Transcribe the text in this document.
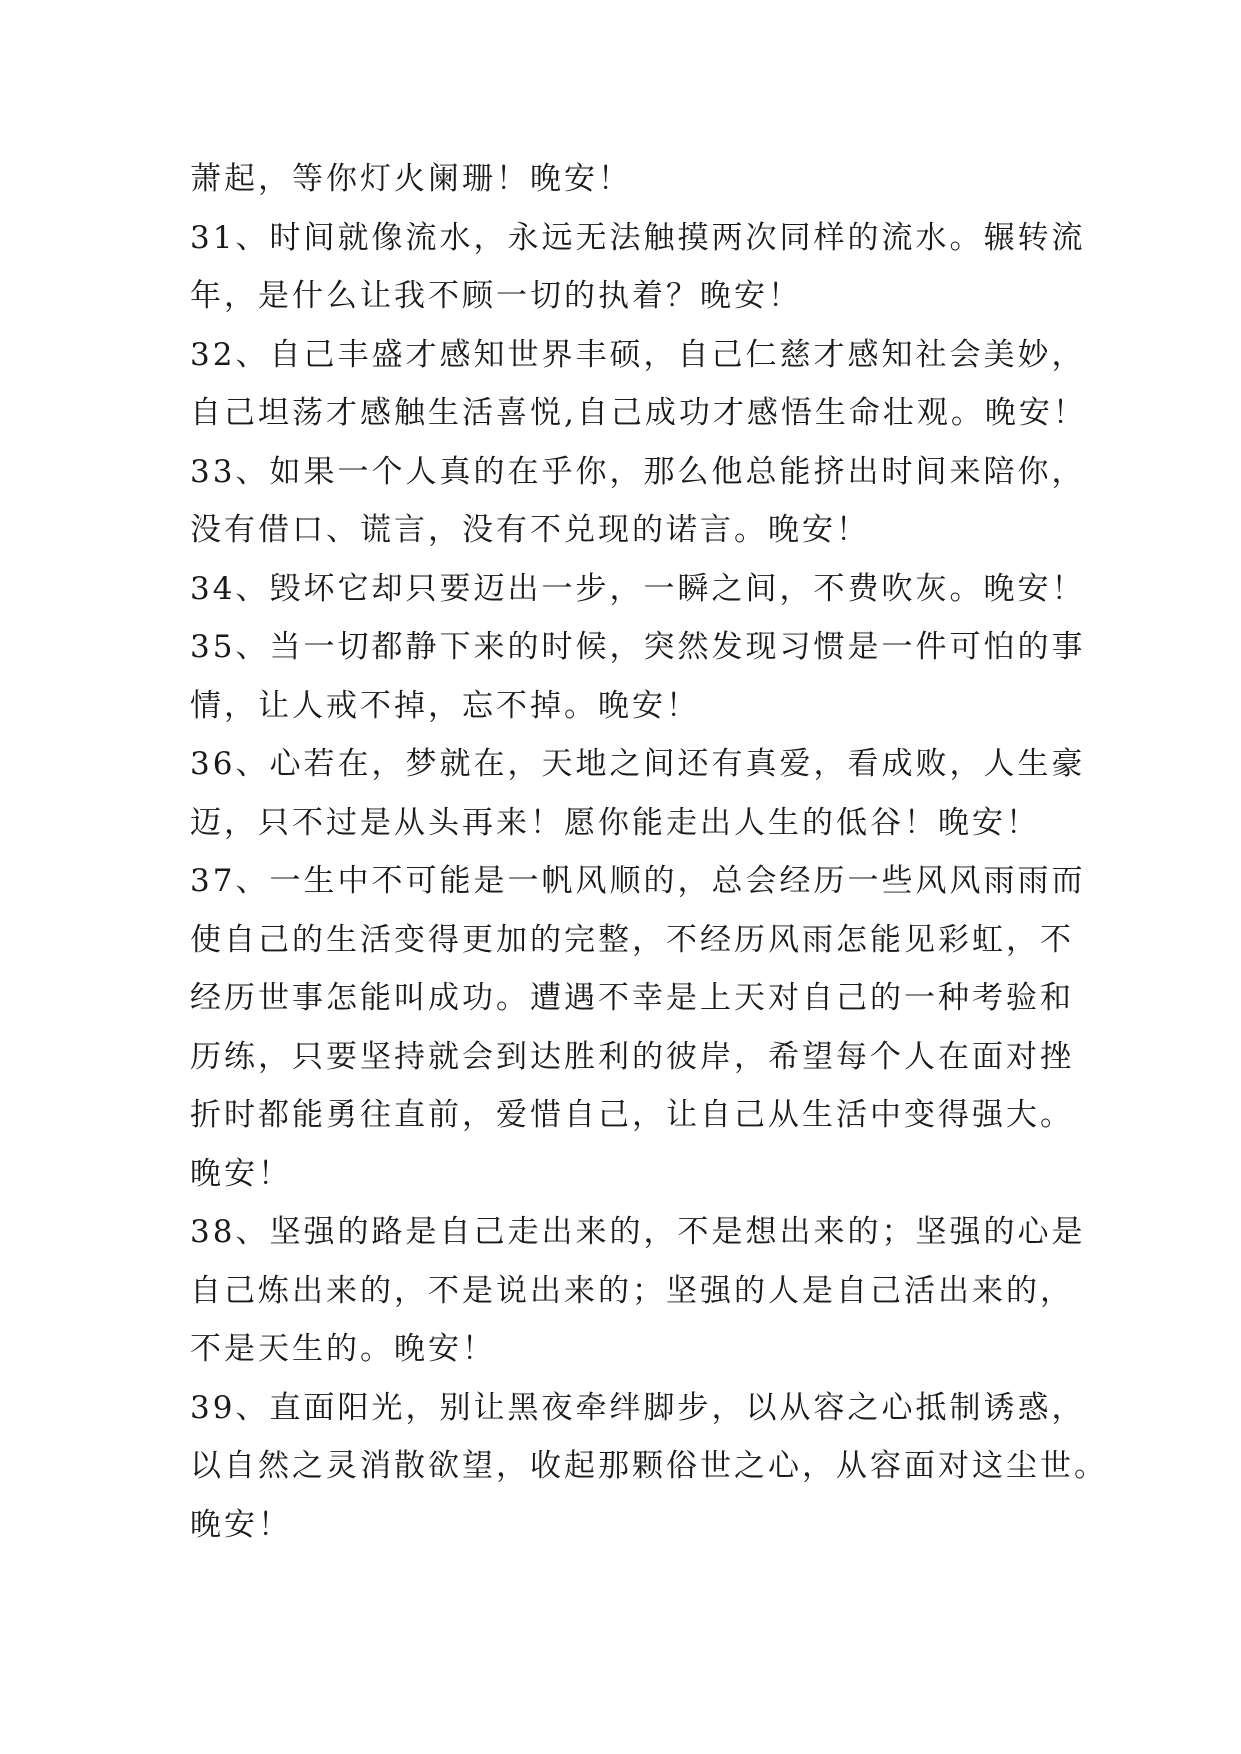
萧起，等你灯火阑珊！晚安！
31、时间就像流水，永远无法触摸两次同样的流水。辗转流
年，是什么让我不顾一切的执着？晚安！
32、自己丰盛才感知世界丰硕，自己仁慈才感知社会美妙，
自己坦荡才感触生活喜悦,自己成功才感悟生命壮观。晚安！
33、如果一个人真的在乎你，那么他总能挤出时间来陪你，
没有借口、谎言，没有不兑现的诺言。晚安！
34、毁坏它却只要迈出一步，一瞬之间，不费吹灰。晚安！
35、当一切都静下来的时候，突然发现习惯是一件可怕的事
情，让人戒不掉，忘不掉。晚安！
36、心若在，梦就在，天地之间还有真爱，看成败，人生豪
迈，只不过是从头再来！愿你能走出人生的低谷！晚安！
37、一生中不可能是一帆风顺的，总会经历一些风风雨雨而
使自己的生活变得更加的完整，不经历风雨怎能见彩虹，不
经历世事怎能叫成功。遭遇不幸是上天对自己的一种考验和
历练，只要坚持就会到达胜利的彼岸，希望每个人在面对挫
折时都能勇往直前，爱惜自己，让自己从生活中变得强大。
晚安！
38、坚强的路是自己走出来的，不是想出来的；坚强的心是
自己炼出来的，不是说出来的；坚强的人是自己活出来的，
不是天生的。晚安！
39、直面阳光，别让黑夜牵绊脚步，以从容之心抵制诱惑，
以自然之灵消散欲望，收起那颗俗世之心，从容面对这尘世。
晚安！
